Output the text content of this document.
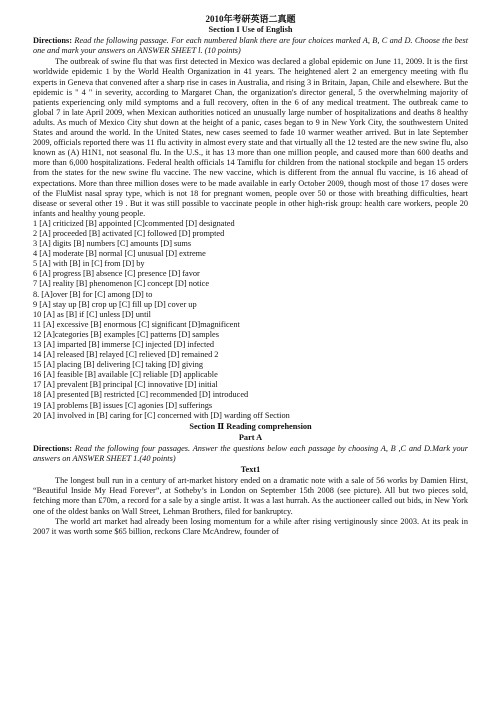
2010年考研英语二真题
Section I Use of English

Directions: Read the following passage. For each numbered blank there are four choices marked A, B, C and D. Choose the best one and mark your answers on ANSWER SHEET l. (10 points)

The outbreak of swine flu that was first detected in Mexico was declared a global epidemic on June 11, 2009. It is the first worldwide epidemic 1 by the World Health Organization in 41 years. The heightened alert 2 an emergency meeting with flu experts in Geneva that convened after a sharp rise in cases in Australia, and rising 3 in Britain, Japan, Chile and elsewhere. But the epidemic is " 4 " in severity, according to Margaret Chan, the organization's director general, 5 the overwhelming majority of patients experiencing only mild symptoms and a full recovery, often in the 6 of any medical treatment. The outbreak came to global 7 in late April 2009, when Mexican authorities noticed an unusually large number of hospitalizations and deaths 8 healthy adults. As much of Mexico City shut down at the height of a panic, cases began to 9 in New York City, the southwestern United States and around the world. In the United States, new cases seemed to fade 10 warmer weather arrived. But in late September 2009, officials reported there was 11 flu activity in almost every state and that virtually all the 12 tested are the new swine flu, also known as (A) H1N1, not seasonal flu. In the U.S., it has 13 more than one million people, and caused more than 600 deaths and more than 6,000 hospitalizations. Federal health officials 14 Tamiflu for children from the national stockpile and began 15 orders from the states for the new swine flu vaccine. The new vaccine, which is different from the annual flu vaccine, is 16 ahead of expectations. More than three million doses were to be made available in early October 2009, though most of those 17 doses were of the FluMist nasal spray type, which is not 18 for pregnant women, people over 50 or those with breathing difficulties, heart disease or several other 19 . But it was still possible to vaccinate people in other high-risk group: health care workers, people 20 infants and healthy young people.

1 [A] criticized [B] appointed [C]commented [D] designated
2 [A] proceeded [B] activated [C] followed [D] prompted
3 [A] digits [B] numbers [C] amounts [D] sums
4 [A] moderate [B] normal [C] unusual [D] extreme
5 [A] with [B] in [C] from [D] by
6 [A] progress [B] absence [C] presence [D] favor
7 [A] reality [B] phenomenon [C] concept [D] notice
8. [A]over [B] for [C] among [D] to
9 [A] stay up [B] crop up [C] fill up [D] cover up
10 [A] as [B] if [C] unless [D] until
11 [A] excessive [B] enormous [C] significant [D]magnificent
12 [A]categories [B] examples [C] patterns [D] samples
13 [A] imparted [B] immerse [C] injected [D] infected
14 [A] released [B] relayed [C] relieved [D] remained 2
15 [A] placing [B] delivering [C] taking [D] giving
16 [A] feasible [B] available [C] reliable [D] applicable
17 [A] prevalent [B] principal [C] innovative [D] initial
18 [A] presented [B] restricted [C] recommended [D] introduced
19 [A] problems [B] issues [C] agonies [D] sufferings
20 [A] involved in [B] caring for [C] concerned with [D] warding off Section
Section Ⅱ Reading comprehension
Part A

Directions: Read the following four passages. Answer the questions below each passage by choosing A, B ,C and D.Mark your answers on ANSWER SHEET 1.(40 points)

Text1

The longest bull run in a century of art-market history ended on a dramatic note with a sale of 56 works by Damien Hirst, “Beautiful Inside My Head Forever”, at Sotheby’s in London on September 15th 2008 (see picture). All but two pieces sold, fetching more than ₤70m, a record for a sale by a single artist. It was a last hurrah. As the auctioneer called out bids, in New York one of the oldest banks on Wall Street, Lehman Brothers, filed for bankruptcy.

The world art market had already been losing momentum for a while after rising vertiginously since 2003. At its peak in 2007 it was worth some $65 billion, reckons Clare McAndrew, founder of
